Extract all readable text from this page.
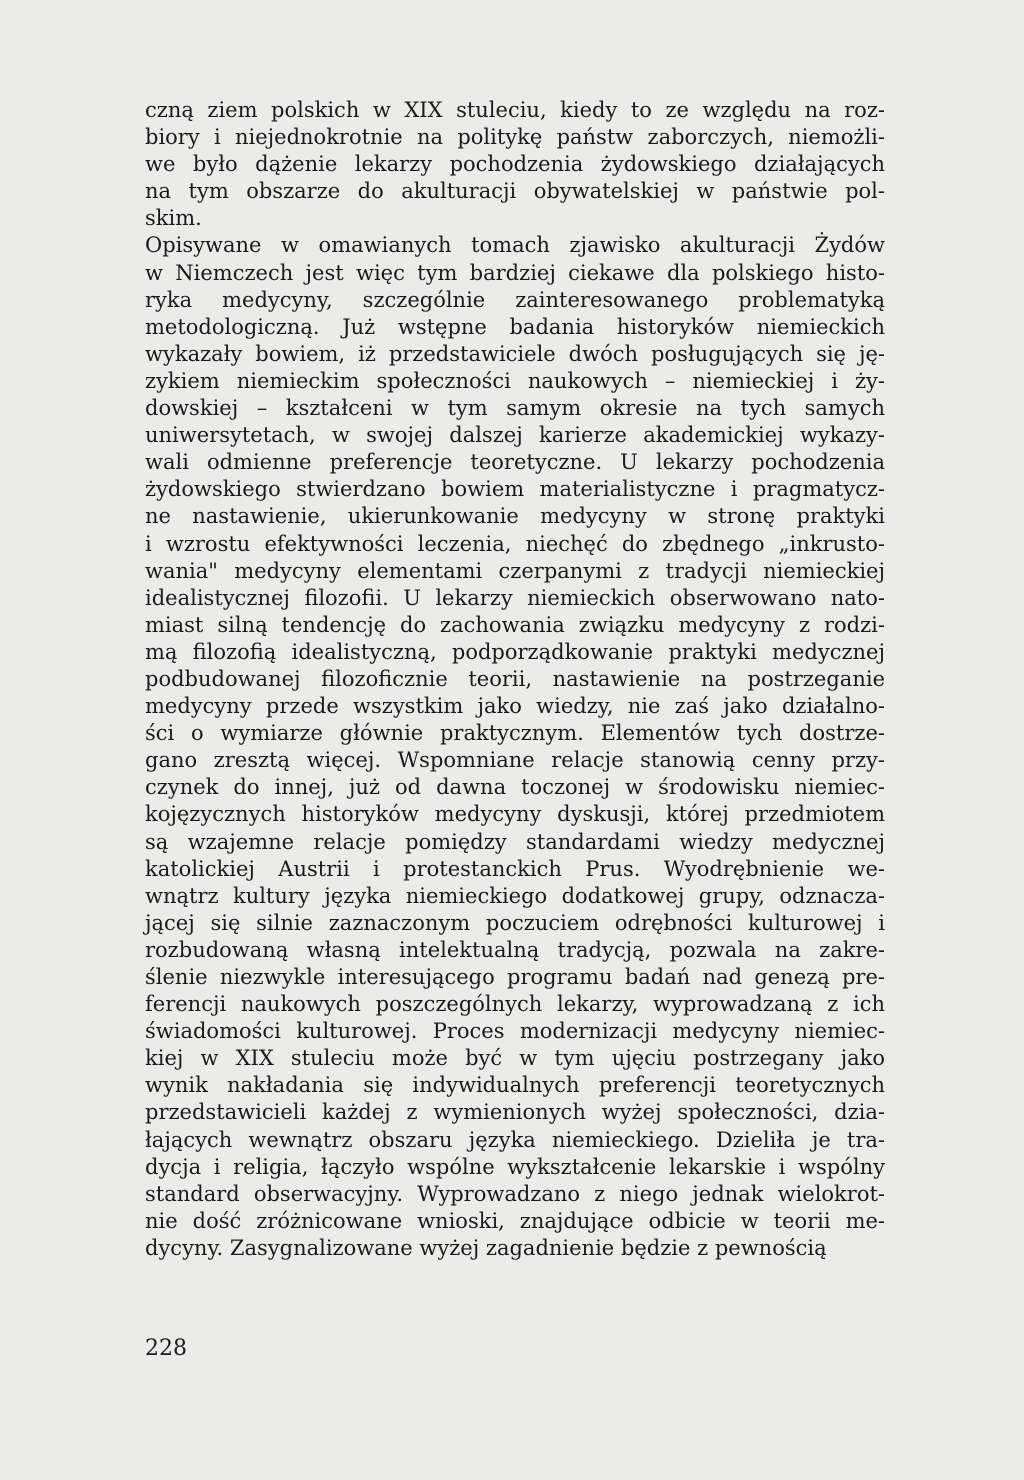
czną ziem polskich w XIX stuleciu, kiedy to ze względu na roz-
biory i niejednokrotnie na politykę państw zaborczych, niemożli-
we było dążenie lekarzy pochodzenia żydowskiego działających
na tym obszarze do akulturacji obywatelskiej w państwie pol-
skim.
Opisywane w omawianych tomach zjawisko akulturacji Żydów
w Niemczech jest więc tym bardziej ciekawe dla polskiego histo-
ryka medycyny, szczególnie zainteresowanego problematyką
metodologiczną. Już wstępne badania historyków niemieckich
wykazały bowiem, iż przedstawiciele dwóch posługujących się ję-
zykiem niemieckim społeczności naukowych – niemieckiej i ży-
dowskiej – kształceni w tym samym okresie na tych samych
uniwersytetach, w swojej dalszej karierze akademickiej wykazy-
wali odmienne preferencje teoretyczne. U lekarzy pochodzenia
żydowskiego stwierdzano bowiem materialistyczne i pragmatycz-
ne nastawienie, ukierunkowanie medycyny w stronę praktyki
i wzrostu efektywności leczenia, niechęć do zbędnego „inkrusto-
wania" medycyny elementami czerpanymi z tradycji niemieckiej
idealistycznej filozofii. U lekarzy niemieckich obserwowano nato-
miast silną tendencję do zachowania związku medycyny z rodzi-
mą filozofią idealistyczną, podporządkowanie praktyki medycznej
podbudowanej filozoficznie teorii, nastawienie na postrzeganie
medycyny przede wszystkim jako wiedzy, nie zaś jako działalno-
ści o wymiarze głównie praktycznym. Elementów tych dostrze-
gano zresztą więcej. Wspomniane relacje stanowią cenny przy-
czynek do innej, już od dawna toczonej w środowisku niemiec-
kojęzycznych historyków medycyny dyskusji, której przedmiotem
są wzajemne relacje pomiędzy standardami wiedzy medycznej
katolickiej Austrii i protestanckich Prus. Wyodrębnienie we-
wnątrz kultury języka niemieckiego dodatkowej grupy, odznacza-
jącej się silnie zaznaczonym poczuciem odrębności kulturowej i
rozbudowaną własną intelektualną tradycją, pozwala na zakre-
ślenie niezwykle interesującego programu badań nad genezą pre-
ferencji naukowych poszczególnych lekarzy, wyprowadzaną z ich
świadomości kulturowej. Proces modernizacji medycyny niemiec-
kiej w XIX stuleciu może być w tym ujęciu postrzegany jako
wynik nakładania się indywidualnych preferencji teoretycznych
przedstawicieli każdej z wymienionych wyżej społeczności, dzia-
łających wewnątrz obszaru języka niemieckiego. Dzieliła je tra-
dycja i religia, łączyło wspólne wykształcenie lekarskie i wspólny
standard obserwacyjny. Wyprowadzano z niego jednak wielokrot-
nie dość zróżnicowane wnioski, znajdujące odbicie w teorii me-
dycyny. Zasygnalizowane wyżej zagadnienie będzie z pewnością
228
